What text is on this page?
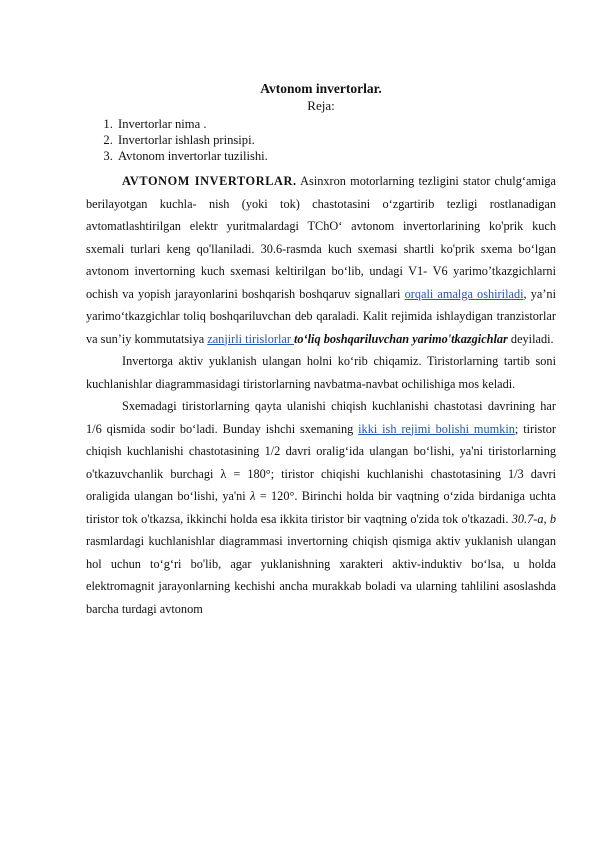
Avtonom invertorlar.
Reja:
1. Invertorlar nima .
2. Invertorlar ishlash prinsipi.
3. Avtonom invertorlar tuzilishi.

AVTONOM INVERTORLAR. Asinxron motorlarning tezligini stator chulg‘amiga berilayotgan kuchla- nish (yoki tok) chastotasini o‘zgartirib tezligi rostlanadigan avtomatlashtirilgan elektr yuritmalardagi TChO‘ avtonom invertorlarining ko'prik kuch sxemali turlari keng qo'llaniladi. 30.6-rasmda kuch sxemasi shartli ko'prik sxema bo‘lgan avtonom invertorning kuch sxemasi keltirilgan bo‘lib, undagi V1- V6 yarimo’tkazgichlarni ochish va yopish jarayonlarini boshqarish boshqaruv signallari orqali amalga oshiriladi, ya’ni yarimo‘tkazgichlar toliq boshqariluvchan deb qaraladi. Kalit rejimida ishlaydigan tranzistorlar va sun’iy kommutatsiya zanjirli tirislorlar to‘liq boshqariluvchan yarimo'tkazgichlar deyiladi.

Invertorga aktiv yuklanish ulangan holni ko‘rib chiqamiz. Tiristorlarning tartib soni kuchlanishlar diagrammasidagi tiristorlarning navbatma-navbat ochilishiga mos keladi.

Sxemadagi tiristorlarning qayta ulanishi chiqish kuchlanishi chastotasi davrining har 1/6 qismida sodir bo‘ladi. Bunday ishchi sxemaning ikki ish rejimi bolishi mumkin; tiristor chiqish kuchlanishi chastotasining 1/2 davri oralig‘ida ulangan bo‘lishi, ya'ni tiristorlarning o'tkazuvchanlik burchagi λ = 180°; tiristor chiqishi kuchlanishi chastotasining 1/3 davri oraligida ulangan bo‘lishi, ya'ni λ = 120°. Birinchi holda bir vaqtning o‘zida birdaniga uchta tiristor tok o'tkazsa, ikkinchi holda esa ikkita tiristor bir vaqtning o'zida tok o'tkazadi. 30.7-a, b rasmlardagi kuchlanishlar diagrammasi invertorning chiqish qismiga aktiv yuklanish ulangan hol uchun to‘g‘ri bo'lib, agar yuklanishning xarakteri aktiv-induktiv bo‘lsa, u holda elektromagnit jarayonlarning kechishi ancha murakkab boladi va ularning tahlilini asoslashda barcha turdagi avtonom
